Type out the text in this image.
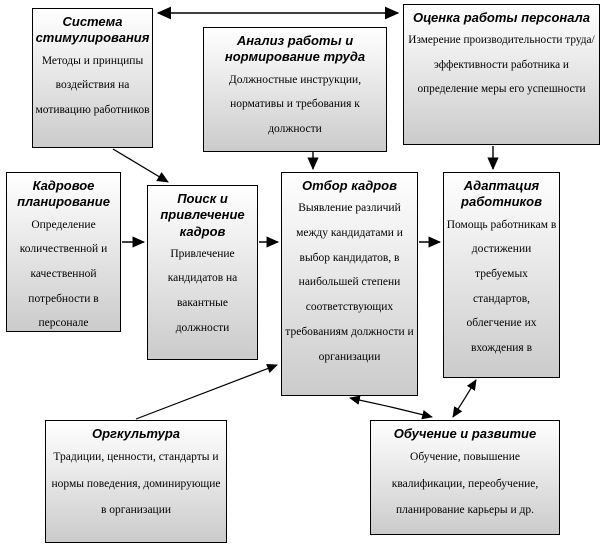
Система стимулирования
Методы и принципы воздействия на мотивацию работников
Анализ работы и нормирование труда
Должностные инструкции, нормативы и требования к должности
Оценка работы персонала
Измерение производительности труда/эффективности работника и определение меры его успешности
Кадровое планирование
Определение количественной и качественной потребности в персонале
Поиск и привлечение кадров
Привлечение кандидатов на вакантные должности
Отбор кадров
Выявление различий между кандидатами и выбор кандидатов, в наибольшей степени соответствующих требованиям должности и организации
Адаптация работников
Помощь работникам в достижении требуемых стандартов, облегчение их вхождения в
Оргкультура
Традиции, ценности, стандарты и нормы поведения, доминирующие в организации
Обучение и развитие
Обучение, повышение квалификации, переобучение, планирование карьеры и др.
